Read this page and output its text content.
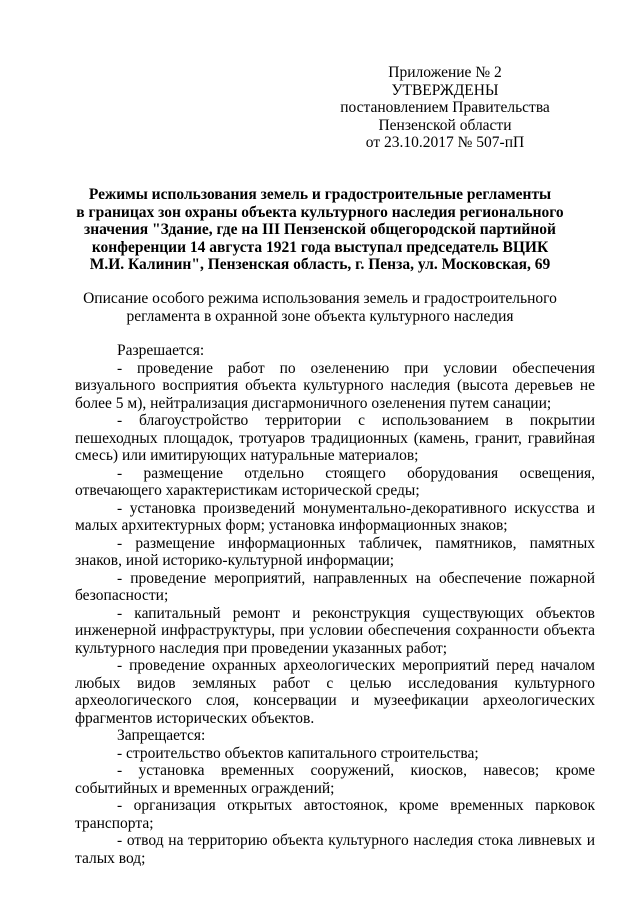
Приложение № 2
УТВЕРЖДЕНЫ
постановлением Правительства
Пензенской области
от 23.10.2017 № 507-пП
Режимы использования земель и градостроительные регламенты
в границах зон охраны объекта культурного наследия регионального
значения "Здание, где на III Пензенской общегородской партийной
конференции 14 августа 1921 года выступал председатель ВЦИК
М.И. Калинин", Пензенская область, г. Пенза, ул. Московская, 69
Описание особого режима использования земель и градостроительного
регламента в охранной зоне объекта культурного наследия

Разрешается:

- проведение работ по озеленению при условии обеспечения визуального восприятия объекта культурного наследия (высота деревьев не более 5 м), нейтрализация дисгармоничного озеленения путем санации;

- благоустройство территории с использованием в покрытии пешеходных площадок, тротуаров традиционных (камень, гранит, гравийная смесь) или имитирующих натуральные материалов;

- размещение отдельно стоящего оборудования освещения, отвечающего характеристикам исторической среды;

- установка произведений монументально-декоративного искусства и малых архитектурных форм; установка информационных знаков;

- размещение информационных табличек, памятников, памятных знаков, иной историко-культурной информации;

- проведение мероприятий, направленных на обеспечение пожарной безопасности;

- капитальный ремонт и реконструкция существующих объектов инженерной инфраструктуры, при условии обеспечения сохранности объекта культурного наследия при проведении указанных работ;

- проведение охранных археологических мероприятий перед началом любых видов земляных работ с целью исследования культурного археологического слоя, консервации и музеефикации археологических фрагментов исторических объектов.

Запрещается:

- строительство объектов капитального строительства;

- установка временных сооружений, киосков, навесов; кроме событийных и временных ограждений;

- организация открытых автостоянок, кроме временных парковок транспорта;

- отвод на территорию объекта культурного наследия стока ливневых и талых вод;
